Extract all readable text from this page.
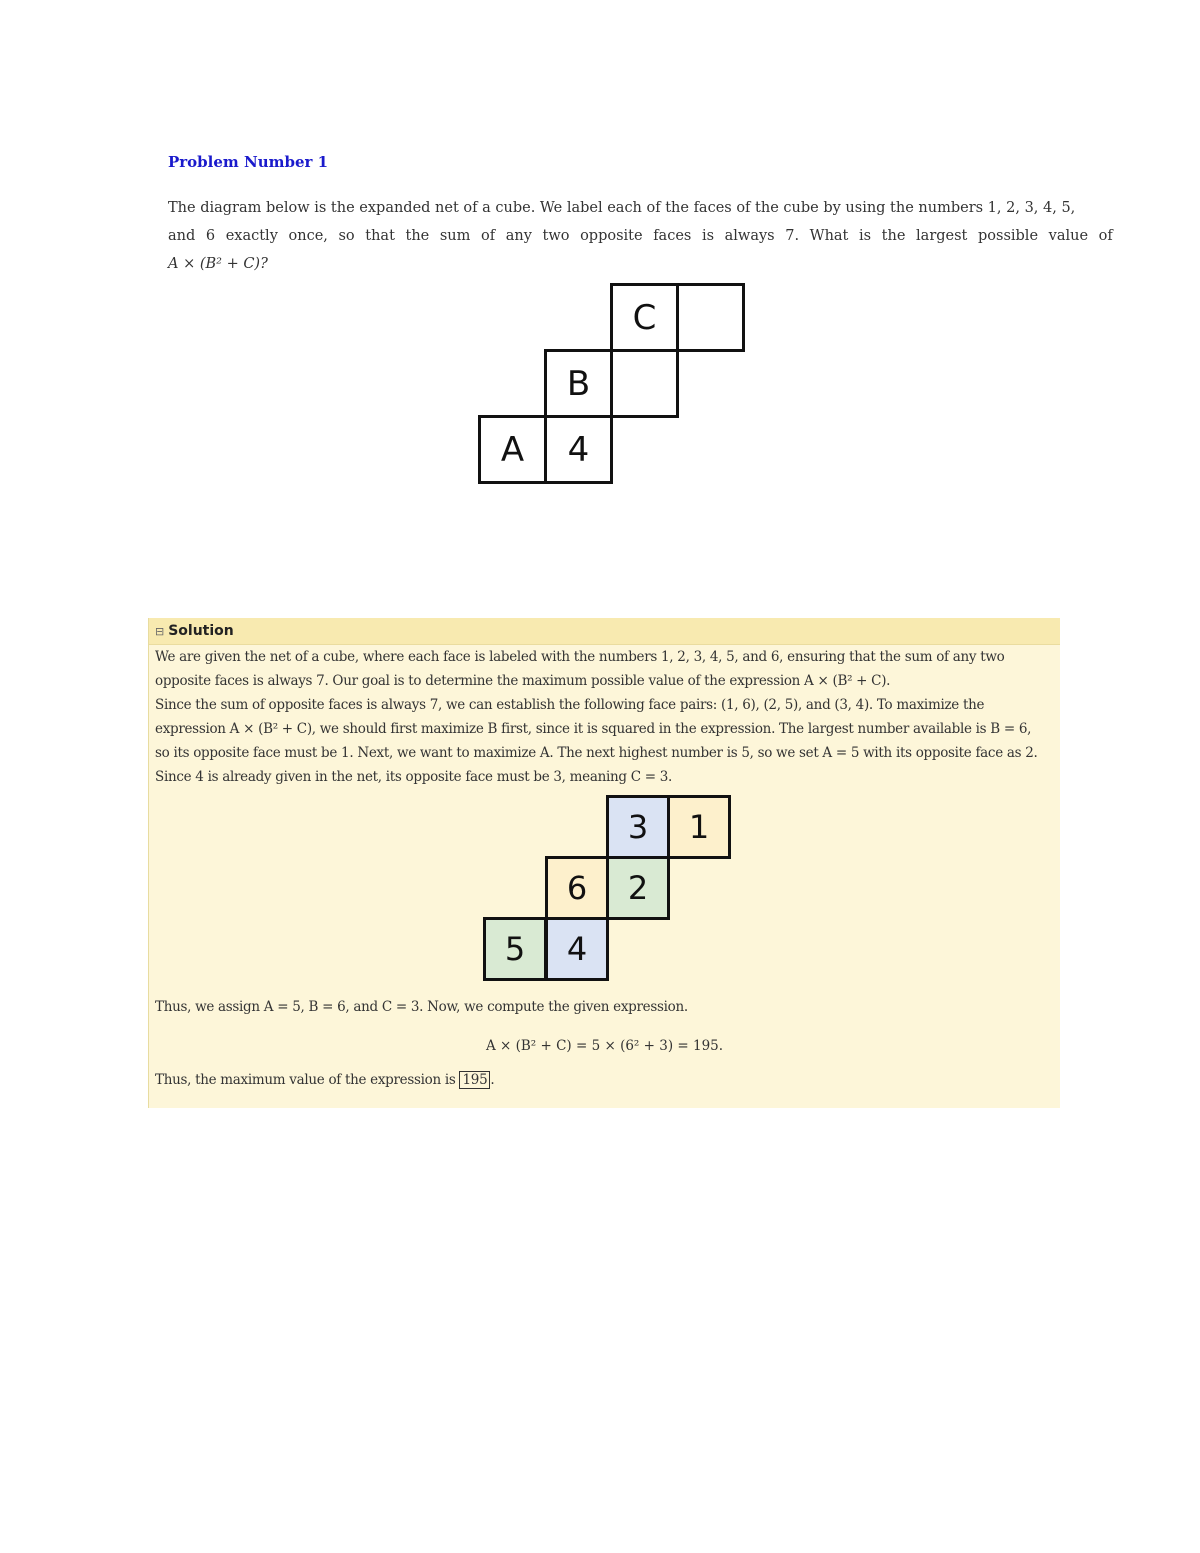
Problem Number 1
The diagram below is the expanded net of a cube. We label each of the faces of the cube by using the numbers 1, 2, 3, 4, 5,
and 6 exactly once, so that the sum of any two opposite faces is always 7. What is the largest possible value of
A × (B² + C)?
C
B
A	4
⊟ Solution
We are given the net of a cube, where each face is labeled with the numbers 1, 2, 3, 4, 5, and 6, ensuring that the sum of any two
opposite faces is always 7. Our goal is to determine the maximum possible value of the expression A × (B² + C).
Since the sum of opposite faces is always 7, we can establish the following face pairs: (1, 6), (2, 5), and (3, 4). To maximize the
expression A × (B² + C), we should first maximize B first, since it is squared in the expression. The largest number available is B = 6,
so its opposite face must be 1. Next, we want to maximize A. The next highest number is 5, so we set A = 5 with its opposite face as 2.
Since 4 is already given in the net, its opposite face must be 3, meaning C = 3.
3	1
6	2
5	4
Thus, we assign A = 5, B = 6, and C = 3. Now, we compute the given expression.
A × (B² + C) = 5 × (6² + 3) = 195.
Thus, the maximum value of the expression is 195 .
